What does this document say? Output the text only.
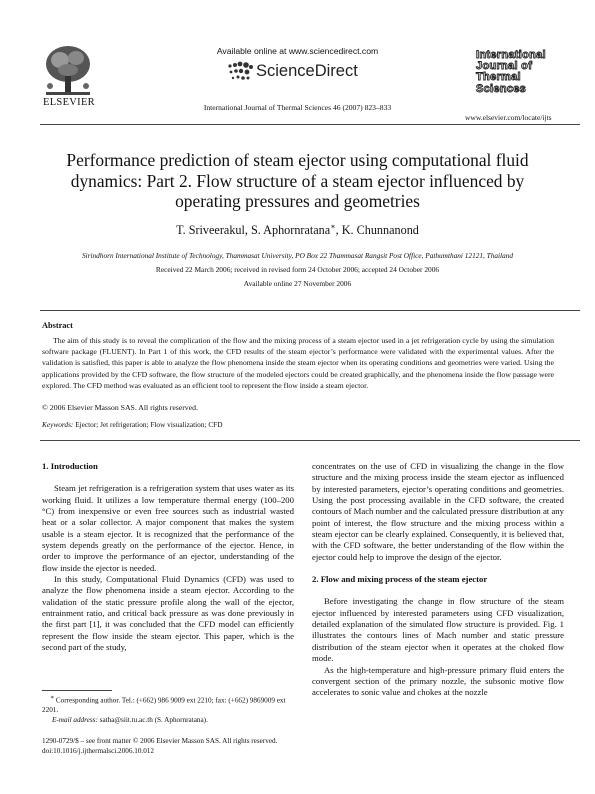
ELSEVIER
Available online at www.sciencedirect.com
ScienceDirect
International Journal of Thermal Sciences 46 (2007) 823–833
International
Journal of
Thermal
Sciences
www.elsevier.com/locate/ijts
Performance prediction of steam ejector using computational fluid dynamics: Part 2. Flow structure of a steam ejector influenced by operating pressures and geometries
T. Sriveerakul, S. Aphornratana∗, K. Chunnanond
Sirindhorn International Institute of Technology, Thammasat University, PO Box 22 Thammasat Rangsit Post Office, Pathumthani 12121, Thailand
Received 22 March 2006; received in revised form 24 October 2006; accepted 24 October 2006
Available online 27 November 2006
Abstract
The aim of this study is to reveal the complication of the flow and the mixing process of a steam ejector used in a jet refrigeration cycle by using the simulation software package (FLUENT). In Part 1 of this work, the CFD results of the steam ejector’s performance were validated with the experimental values. After the validation is satisfied, this paper is able to analyze the flow phenomena inside the steam ejector when its operating conditions and geometries were varied. Using the applications provided by the CFD software, the flow structure of the modeled ejectors could be created graphically, and the phenomena inside the flow passage were explored. The CFD method was evaluated as an efficient tool to represent the flow inside a steam ejector.
© 2006 Elsevier Masson SAS. All rights reserved.
Keywords: Ejector; Jet refrigeration; Flow visualization; CFD
1. Introduction

Steam jet refrigeration is a refrigeration system that uses water as its working fluid. It utilizes a low temperature thermal energy (100–200 °C) from inexpensive or even free sources such as industrial wasted heat or a solar collector. A major component that makes the system usable is a steam ejector. It is recognized that the performance of the system depends greatly on the performance of the ejector. Hence, in order to improve the performance of an ejector, understanding of the flow inside the ejector is needed.

In this study, Computational Fluid Dynamics (CFD) was used to analyze the flow phenomena inside a steam ejector. According to the validation of the static pressure profile along the wall of the ejector, entrainment ratio, and critical back pressure as was done previously in the first part [1], it was concluded that the CFD model can efficiently represent the flow inside the steam ejector. This paper, which is the second part of the study,

concentrates on the use of CFD in visualizing the change in the flow structure and the mixing process inside the steam ejector as influenced by interested parameters, ejector’s operating conditions and geometries. Using the post processing available in the CFD software, the created contours of Mach number and the calculated pressure distribution at any point of interest, the flow structure and the mixing process within a steam ejector can be clearly explained. Consequently, it is believed that, with the CFD software, the better understanding of the flow within the ejector could help to improve the design of the ejector.

2. Flow and mixing process of the steam ejector

Before investigating the change in flow structure of the steam ejector influenced by interested parameters using CFD visualization, detailed explanation of the simulated flow structure is provided. Fig. 1 illustrates the contours lines of Mach number and static pressure distribution of the steam ejector when it operates at the choked flow mode.

As the high-temperature and high-pressure primary fluid enters the convergent section of the primary nozzle, the subsonic motive flow accelerates to sonic value and chokes at the nozzle

∗ Corresponding author. Tel.: (+662) 986 9009 ext 2210; fax: (+662) 9869009 ext 2201.
E-mail address: satha@siit.tu.ac.th (S. Aphornratana).
1290-0729/$ – see front matter © 2006 Elsevier Masson SAS. All rights reserved.
doi:10.1016/j.ijthermalsci.2006.10.012
